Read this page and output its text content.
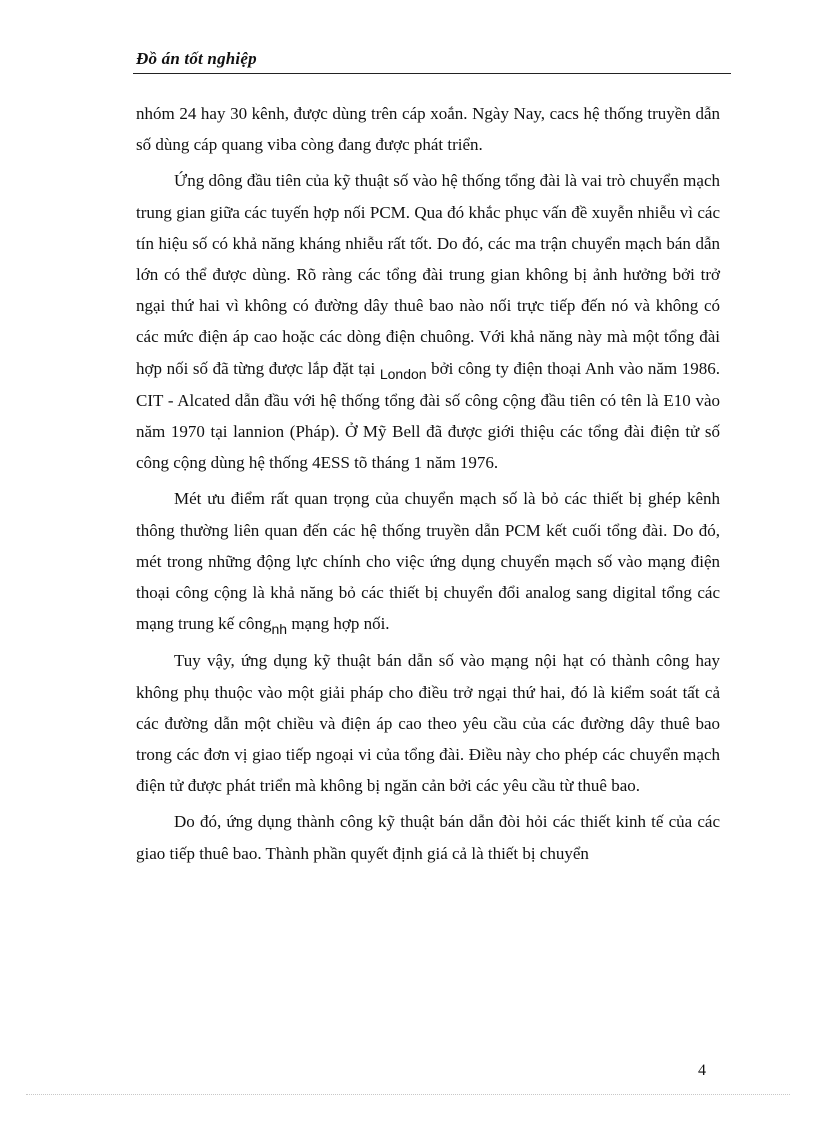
Đồ án tốt nghiệp

nhóm 24 hay 30 kênh, được dùng trên cáp xoắn. Ngày Nay, cacs hệ thống truyền dẫn số dùng cáp quang viba còng đang được phát triển.

Ứng dông đầu tiên của kỹ thuật số vào hệ thống tổng đài là vai trò chuyển mạch trung gian giữa các tuyến hợp nối PCM. Qua đó khắc phục vấn đề xuyễn nhiễu vì các tín hiệu số có khả năng kháng nhiễu rất tốt. Do đó, các ma trận chuyển mạch bán dẫn lớn có thể được dùng. Rõ ràng các tổng đài trung gian không bị ảnh hưởng bởi trở ngại thứ hai vì không có đường dây thuê bao nào nối trực tiếp đến nó và không có các mức điện áp cao hoặc các dòng điện chuông. Với khả năng này mà một tổng đài hợp nối số đã từng được lắp đặt tại $_{London}$ bởi công ty điện thoại Anh vào năm 1986. CIT - Alcated dẫn đầu với hệ thống tổng đài số công cộng đầu tiên có tên là E10 vào năm 1970 tại lannion (Pháp). Ở Mỹ Bell đã được giới thiệu các tổng đài điện tử số công cộng dùng hệ thống 4ESS tõ tháng 1 năm 1976.

Mét ưu điểm rất quan trọng của chuyển mạch số là bỏ các thiết bị ghép kênh thông thường liên quan đến các hệ thống truyền dẫn PCM kết cuối tổng đài. Do đó, mét trong những động lực chính cho việc ứng dụng chuyển mạch số vào mạng điện thoại công cộng là khả năng bỏ các thiết bị chuyển đổi analog sang digital tổng các mạng trung kế công$_{nh}$ mạng hợp nối.

Tuy vậy, ứng dụng kỹ thuật bán dẫn số vào mạng nội hạt có thành công hay không phụ thuộc vào một giải pháp cho điều trở ngại thứ hai, đó là kiểm soát tất cả các đường dẫn một chiều và điện áp cao theo yêu cầu của các đường dây thuê bao trong các đơn vị giao tiếp ngoại vi của tổng đài. Điều này cho phép các chuyển mạch điện tử được phát triển mà không bị ngăn cản bởi các yêu cầu từ thuê bao.

Do đó, ứng dụng thành công kỹ thuật bán dẫn đòi hỏi các thiết kinh tế của các giao tiếp thuê bao. Thành phần quyết định giá cả là thiết bị chuyển

4
